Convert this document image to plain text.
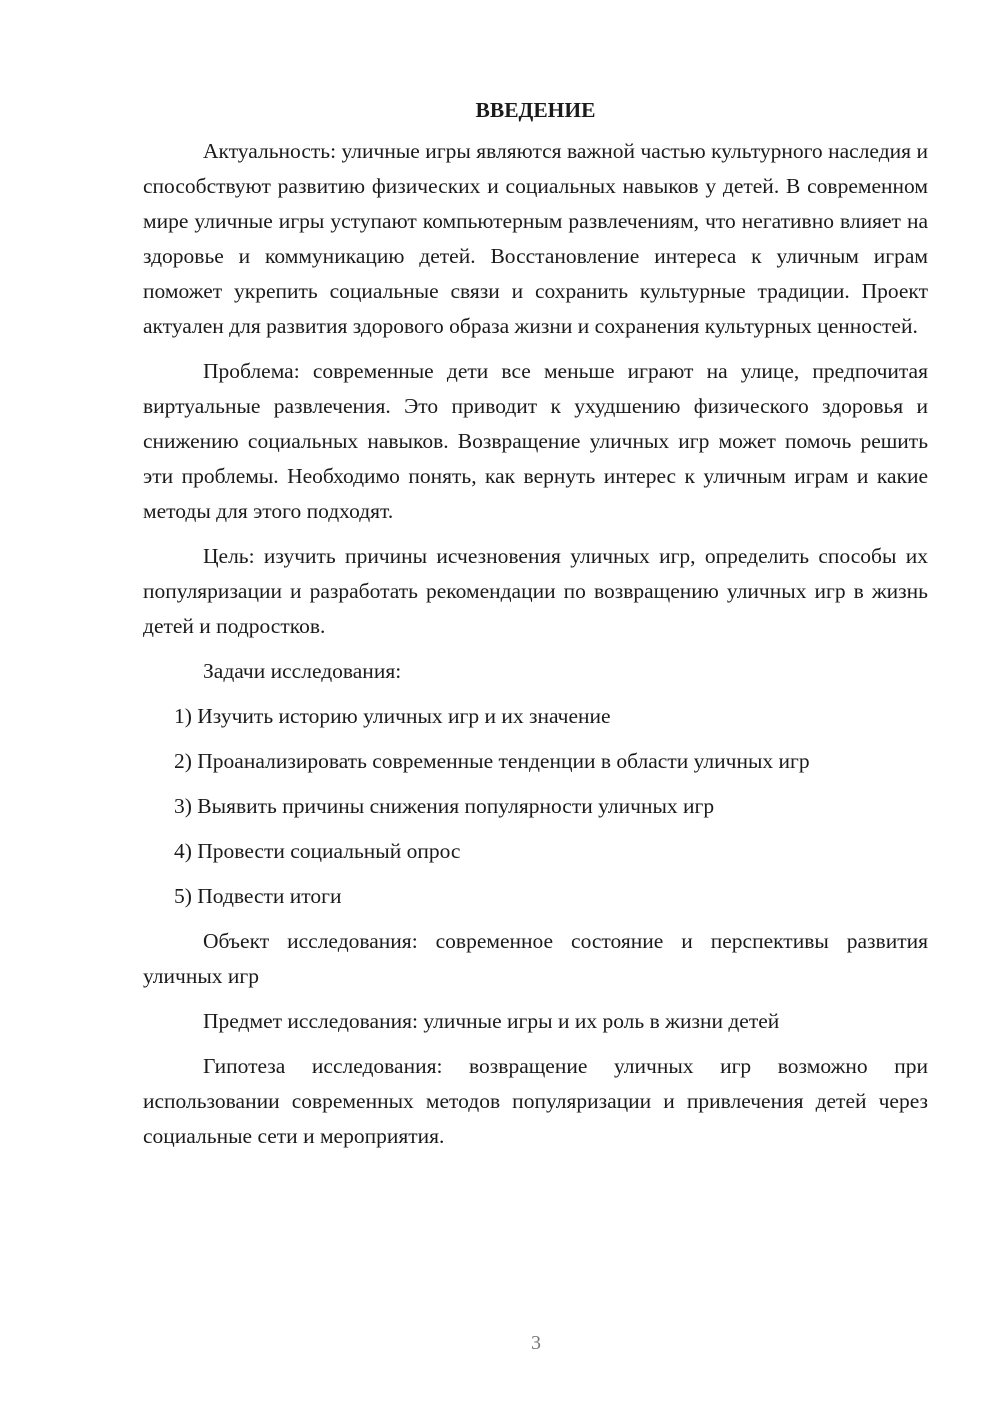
ВВЕДЕНИЕ

Актуальность: уличные игры являются важной частью культурного наследия и способствуют развитию физических и социальных навыков у детей. В современном мире уличные игры уступают компьютерным развлечениям, что негативно влияет на здоровье и коммуникацию детей. Восстановление интереса к уличным играм поможет укрепить социальные связи и сохранить культурные традиции. Проект актуален для развития здорового образа жизни и сохранения культурных ценностей.

Проблема: современные дети все меньше играют на улице, предпочитая виртуальные развлечения. Это приводит к ухудшению физического здоровья и снижению социальных навыков. Возвращение уличных игр может помочь решить эти проблемы. Необходимо понять, как вернуть интерес к уличным играм и какие методы для этого подходят.

Цель: изучить причины исчезновения уличных игр, определить способы их популяризации и разработать рекомендации по возвращению уличных игр в жизнь детей и подростков.

Задачи исследования:

1) Изучить историю уличных игр и их значение

2) Проанализировать современные тенденции в области уличных игр

3) Выявить причины снижения популярности уличных игр

4) Провести социальный опрос

5) Подвести итоги

Объект исследования: современное состояние и перспективы развития уличных игр

Предмет исследования: уличные игры и их роль в жизни детей

Гипотеза исследования: возвращение уличных игр возможно при использовании современных методов популяризации и привлечения детей через социальные сети и мероприятия.

3
